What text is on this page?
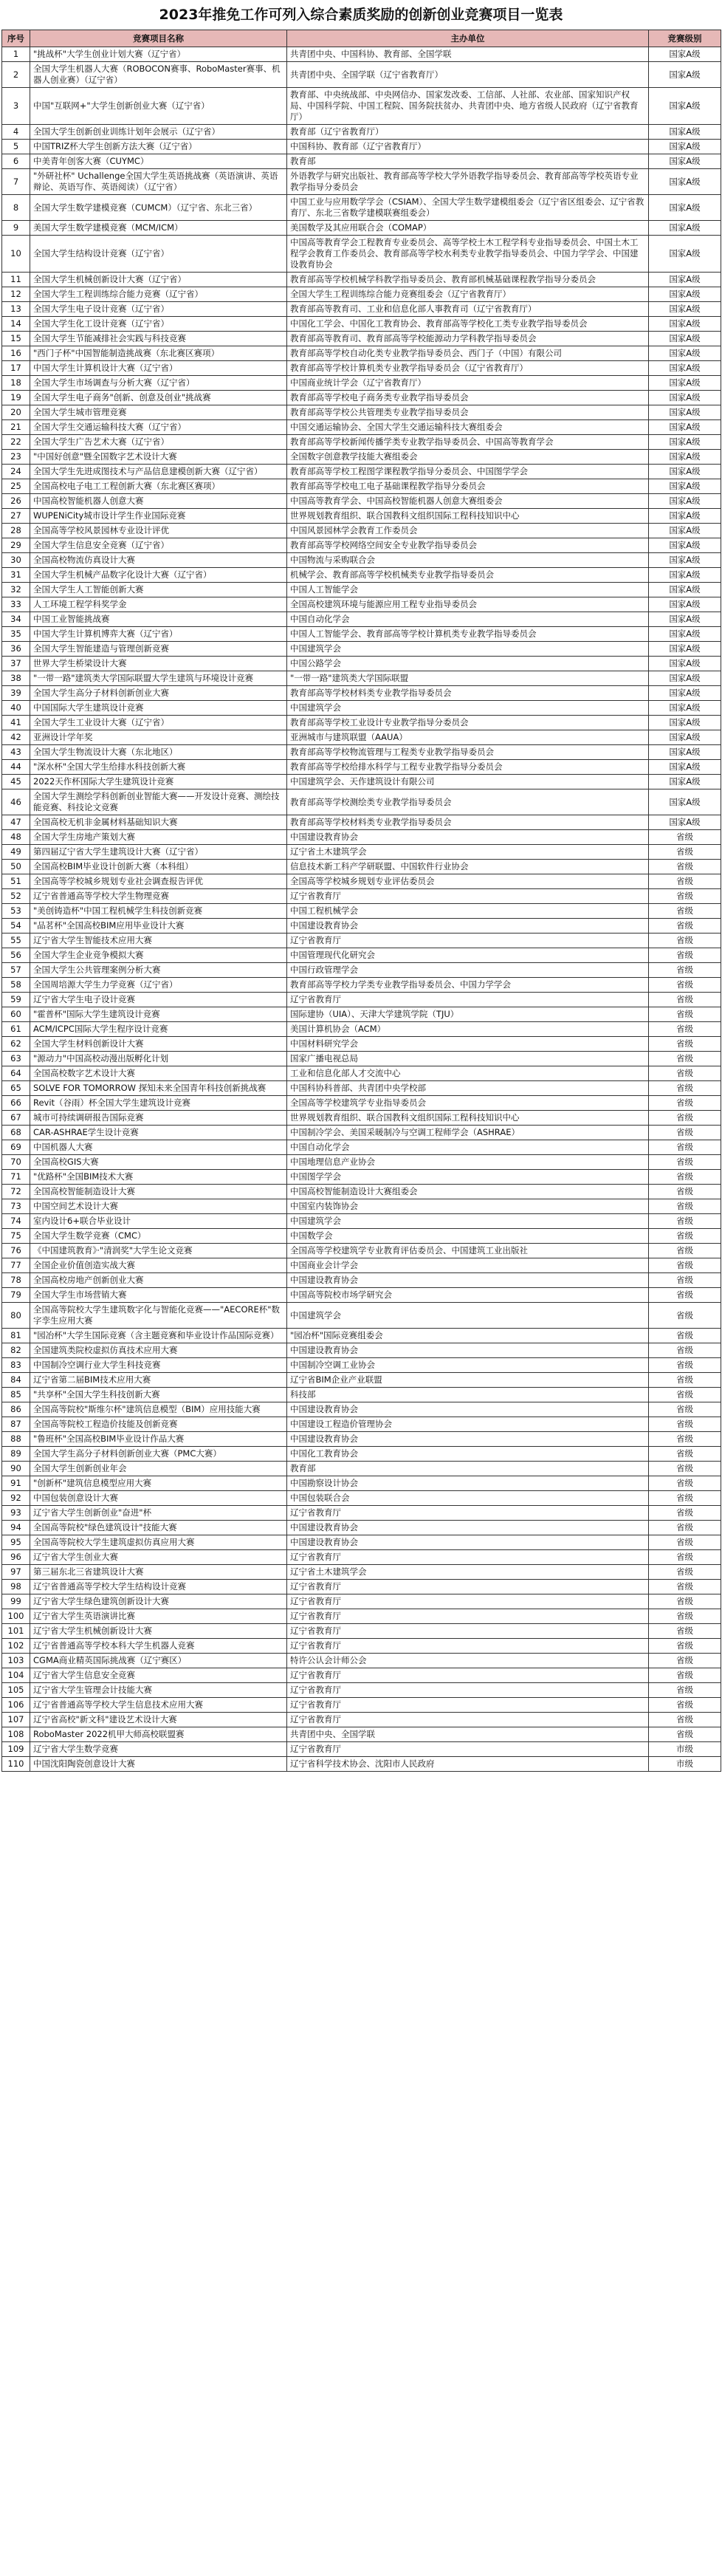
2023年推免工作可列入综合素质奖励的创新创业竞赛项目一览表
序号	竞赛项目名称	主办单位	竞赛级别
1	"挑战杯"大学生创业计划大赛（辽宁省）	共青团中央、中国科协、教育部、全国学联	国家A级
2	全国大学生机器人大赛（ROBOCON赛事、RoboMaster赛事、机器人创业赛）（辽宁省）	共青团中央、全国学联（辽宁省教育厅）	国家A级
3	中国"互联网+"大学生创新创业大赛（辽宁省）	教育部、中央统战部、中央网信办、国家发改委、工信部、人社部、农业部、国家知识产权局、中国科学院、中国工程院、国务院扶贫办、共青团中央、地方省级人民政府（辽宁省教育厅）	国家A级
4	全国大学生创新创业训练计划年会展示（辽宁省）	教育部（辽宁省教育厅）	国家A级
5	中国TRIZ杯大学生创新方法大赛（辽宁省）	中国科协、教育部（辽宁省教育厅）	国家A级
6	中美青年创客大赛（CUYMC）	教育部	国家A级
7	"外研社杯" Uchallenge全国大学生英语挑战赛（英语演讲、英语辩论、英语写作、英语阅读）（辽宁省）	外语教学与研究出版社、教育部高等学校大学外语教学指导委员会、教育部高等学校英语专业教学指导分委员会	国家A级
8	全国大学生数学建模竞赛（CUMCM）（辽宁省、东北三省）	中国工业与应用数学学会（CSIAM）、全国大学生数学建模组委会（辽宁省区组委会、辽宁省教育厅、东北三省数学建模联赛组委会）	国家A级
9	美国大学生数学建模竞赛（MCM/ICM）	美国数学及其应用联合会（COMAP）	国家A级
10	全国大学生结构设计竞赛（辽宁省）	中国高等教育学会工程教育专业委员会、高等学校土木工程学科专业指导委员会、中国土木工程学会教育工作委员会、教育部高等学校水利类专业教学指导委员会、中国力学学会、中国建设教育协会	国家A级
11	全国大学生机械创新设计大赛（辽宁省）	教育部高等学校机械学科教学指导委员会、教育部机械基础课程教学指导分委员会	国家A级
12	全国大学生工程训练综合能力竞赛（辽宁省）	全国大学生工程训练综合能力竞赛组委会（辽宁省教育厅）	国家A级
13	全国大学生电子设计竞赛（辽宁省）	教育部高等教育司、工业和信息化部人事教育司（辽宁省教育厅）	国家A级
14	全国大学生化工设计竞赛（辽宁省）	中国化工学会、中国化工教育协会、教育部高等学校化工类专业教学指导委员会	国家A级
15	全国大学生节能减排社会实践与科技竞赛	教育部高等教育司、教育部高等学校能源动力学科教学指导委员会	国家A级
16	"西门子杯"中国智能制造挑战赛（东北赛区赛项）	教育部高等学校自动化类专业教学指导委员会、西门子（中国）有限公司	国家A级
17	中国大学生计算机设计大赛（辽宁省）	教育部高等学校计算机类专业教学指导委员会（辽宁省教育厅）	国家A级
18	全国大学生市场调查与分析大赛（辽宁省）	中国商业统计学会（辽宁省教育厅）	国家A级
19	全国大学生电子商务"创新、创意及创业"挑战赛	教育部高等学校电子商务类专业教学指导委员会	国家A级
20	全国大学生城市管理竞赛	教育部高等学校公共管理类专业教学指导委员会	国家A级
21	全国大学生交通运输科技大赛（辽宁省）	中国交通运输协会、全国大学生交通运输科技大赛组委会	国家A级
22	全国大学生广告艺术大赛（辽宁省）	教育部高等学校新闻传播学类专业教学指导委员会、中国高等教育学会	国家A级
23	"中国好创意"暨全国数字艺术设计大赛	全国数字创意教学技能大赛组委会	国家A级
24	全国大学生先进成图技术与产品信息建模创新大赛（辽宁省）	教育部高等学校工程图学课程教学指导分委员会、中国图学学会	国家A级
25	全国高校电子电工工程创新大赛（东北赛区赛项）	教育部高等学校电工电子基础课程教学指导分委员会	国家A级
26	中国高校智能机器人创意大赛	中国高等教育学会、中国高校智能机器人创意大赛组委会	国家A级
27	WUPENiCity城市设计学生作业国际竞赛	世界规划教育组织、联合国教科文组织国际工程科技知识中心	国家A级
28	全国高等学校风景园林专业设计评优	中国风景园林学会教育工作委员会	国家A级
29	全国大学生信息安全竞赛（辽宁省）	教育部高等学校网络空间安全专业教学指导委员会	国家A级
30	全国高校物流仿真设计大赛	中国物流与采购联合会	国家A级
31	全国大学生机械产品数字化设计大赛（辽宁省）	机械学会、教育部高等学校机械类专业教学指导委员会	国家A级
32	全国大学生人工智能创新大赛	中国人工智能学会	国家A级
33	人工环境工程学科奖学金	全国高校建筑环境与能源应用工程专业指导委员会	国家A级
34	中国工业智能挑战赛	中国自动化学会	国家A级
35	中国大学生计算机博弈大赛（辽宁省）	中国人工智能学会、教育部高等学校计算机类专业教学指导委员会	国家A级
36	全国大学生智能建造与管理创新竞赛	中国建筑学会	国家A级
37	世界大学生桥梁设计大赛	中国公路学会	国家A级
38	"一带一路"建筑类大学国际联盟大学生建筑与环境设计竞赛	"一带一路"建筑类大学国际联盟	国家A级
39	全国大学生高分子材料创新创业大赛	教育部高等学校材料类专业教学指导委员会	国家A级
40	中国国际大学生建筑设计竞赛	中国建筑学会	国家A级
41	全国大学生工业设计大赛（辽宁省）	教育部高等学校工业设计专业教学指导分委员会	国家A级
42	亚洲设计学年奖	亚洲城市与建筑联盟（AAUA）	国家A级
43	全国大学生物流设计大赛（东北地区）	教育部高等学校物流管理与工程类专业教学指导委员会	国家A级
44	"深水杯"全国大学生给排水科技创新大赛	教育部高等学校给排水科学与工程专业教学指导分委员会	国家A级
45	2022天作杯国际大学生建筑设计竞赛	中国建筑学会、天作建筑设计有限公司	国家A级
46	全国大学生测绘学科创新创业智能大赛——开发设计竞赛、测绘技能竞赛、科技论文竞赛	教育部高等学校测绘类专业教学指导委员会	国家A级
47	全国高校无机非金属材料基础知识大赛	教育部高等学校材料类专业教学指导委员会	国家A级
48	全国大学生房地产策划大赛	中国建设教育协会	省级
49	第四届辽宁省大学生建筑设计大赛（辽宁省）	辽宁省土木建筑学会	省级
50	全国高校BIM毕业设计创新大赛（本科组）	信息技术新工科产学研联盟、中国软件行业协会	省级
51	全国高等学校城乡规划专业社会调查报告评优	全国高等学校城乡规划专业评估委员会	省级
52	辽宁省普通高等学校大学生物理竞赛	辽宁省教育厅	省级
53	"美创铸造杯"中国工程机械学生科技创新竞赛	中国工程机械学会	省级
54	"品茗杯"全国高校BIM应用毕业设计大赛	中国建设教育协会	省级
55	辽宁省大学生智能技术应用大赛	辽宁省教育厅	省级
56	全国大学生企业竞争模拟大赛	中国管理现代化研究会	省级
57	全国大学生公共管理案例分析大赛	中国行政管理学会	省级
58	全国周培源大学生力学竞赛（辽宁省）	教育部高等学校力学类专业教学指导委员会、中国力学学会	省级
59	辽宁省大学生电子设计竞赛	辽宁省教育厅	省级
60	"霍普杯"国际大学生建筑设计竞赛	国际建协（UIA）、天津大学建筑学院（TJU）	省级
61	ACM/ICPC国际大学生程序设计竞赛	美国计算机协会（ACM）	省级
62	全国大学生材料创新设计大赛	中国材料研究学会	省级
63	"源动力"中国高校动漫出版孵化计划	国家广播电视总局	省级
64	全国高校数字艺术设计大赛	工业和信息化部人才交流中心	省级
65	SOLVE FOR TOMORROW 探知未来全国青年科技创新挑战赛	中国科协科普部、共青团中央学校部	省级
66	Revit（谷雨）杯全国大学生建筑设计竞赛	全国高等学校建筑学专业指导委员会	省级
67	城市可持续调研报告国际竞赛	世界规划教育组织、联合国教科文组织国际工程科技知识中心	省级
68	CAR-ASHRAE学生设计竞赛	中国制冷学会、美国采暖制冷与空调工程师学会（ASHRAE）	省级
69	中国机器人大赛	中国自动化学会	省级
70	全国高校GIS大赛	中国地理信息产业协会	省级
71	"优路杯"全国BIM技术大赛	中国图学学会	省级
72	全国高校智能制造设计大赛	中国高校智能制造设计大赛组委会	省级
73	中国空间艺术设计大赛	中国室内装饰协会	省级
74	室内设计6+联合毕业设计	中国建筑学会	省级
75	全国大学生数学竞赛（CMC）	中国数学会	省级
76	《中国建筑教育》·"清润奖"大学生论文竞赛	全国高等学校建筑学专业教育评估委员会、中国建筑工业出版社	省级
77	全国企业价值创造实战大赛	中国商业会计学会	省级
78	全国高校房地产创新创业大赛	中国建设教育协会	省级
79	全国大学生市场营销大赛	中国高等院校市场学研究会	省级
80	全国高等院校大学生建筑数字化与智能化竞赛——"AECORE杯"数字孪生应用大赛	中国建筑学会	省级
81	"园冶杯"大学生国际竞赛（含主题竞赛和毕业设计作品国际竞赛）	"园冶杯"国际竞赛组委会	省级
82	全国建筑类院校虚拟仿真技术应用大赛	中国建设教育协会	省级
83	中国制冷空调行业大学生科技竞赛	中国制冷空调工业协会	省级
84	辽宁省第二届BIM技术应用大赛	辽宁省BIM企业产业联盟	省级
85	"共享杯"全国大学生科技创新大赛	科技部	省级
86	全国高等院校"斯维尔杯"建筑信息模型（BIM）应用技能大赛	中国建设教育协会	省级
87	全国高等院校工程造价技能及创新竞赛	中国建设工程造价管理协会	省级
88	"鲁班杯"全国高校BIM毕业设计作品大赛	中国建设教育协会	省级
89	全国大学生高分子材料创新创业大赛（PMC大赛）	中国化工教育协会	省级
90	全国大学生创新创业年会	教育部	省级
91	"创新杯"建筑信息模型应用大赛	中国勘察设计协会	省级
92	中国包装创意设计大赛	中国包装联合会	省级
93	辽宁省大学生创新创业"奋进"杯	辽宁省教育厅	省级
94	全国高等院校"绿色建筑设计"技能大赛	中国建设教育协会	省级
95	全国高等院校大学生建筑虚拟仿真应用大赛	中国建设教育协会	省级
96	辽宁省大学生创业大赛	辽宁省教育厅	省级
97	第三届东北三省建筑设计大赛	辽宁省土木建筑学会	省级
98	辽宁省普通高等学校大学生结构设计竞赛	辽宁省教育厅	省级
99	辽宁省大学生绿色建筑创新设计大赛	辽宁省教育厅	省级
100	辽宁省大学生英语演讲比赛	辽宁省教育厅	省级
101	辽宁省大学生机械创新设计大赛	辽宁省教育厅	省级
102	辽宁省普通高等学校本科大学生机器人竞赛	辽宁省教育厅	省级
103	CGMA商业精英国际挑战赛（辽宁赛区）	特许公认会计师公会	省级
104	辽宁省大学生信息安全竞赛	辽宁省教育厅	省级
105	辽宁省大学生管理会计技能大赛	辽宁省教育厅	省级
106	辽宁省普通高等学校大学生信息技术应用大赛	辽宁省教育厅	省级
107	辽宁省高校"新文科"建设艺术设计大赛	辽宁省教育厅	省级
108	RoboMaster 2022机甲大师高校联盟赛	共青团中央、全国学联	省级
109	辽宁省大学生数学竞赛	辽宁省教育厅	市级
110	中国沈阳陶瓷创意设计大赛	辽宁省科学技术协会、沈阳市人民政府	市级
